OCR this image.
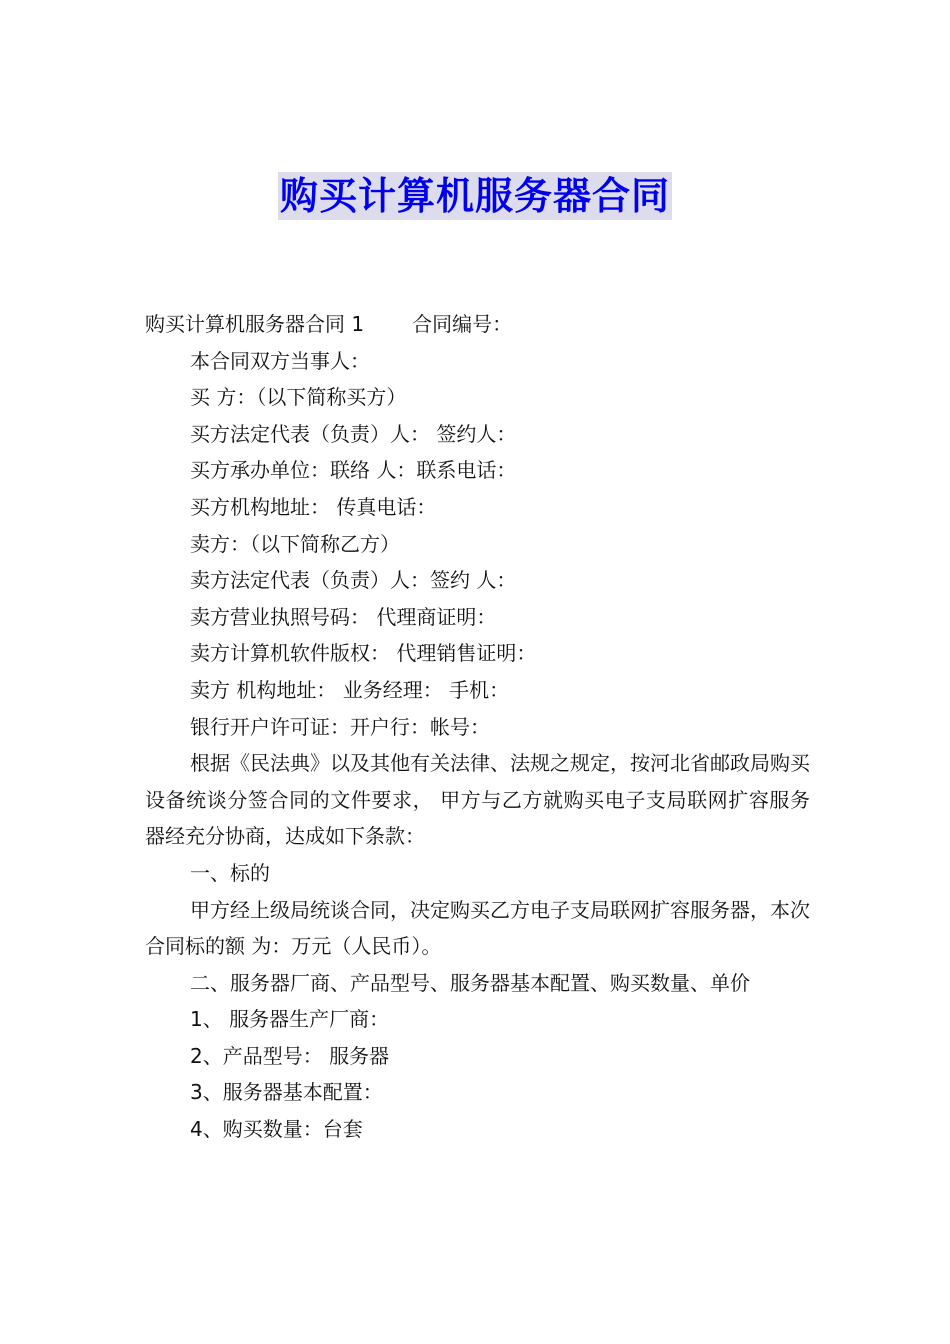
购买计算机服务器合同

购买计算机服务器合同 1 合同编号：

本合同双方当事人：

买 方：（以下简称买方）

买方法定代表（负责）人： 签约人：

买方承办单位：联络 人：联系电话：

买方机构地址： 传真电话：

卖方：（以下简称乙方）

卖方法定代表（负责）人：签约 人：

卖方营业执照号码： 代理商证明：

卖方计算机软件版权： 代理销售证明：

卖方 机构地址： 业务经理： 手机：

银行开户许可证：开户行：帐号：

根据《民法典》以及其他有关法律、法规之规定，按河北省邮政局购买设备统谈分签合同的文件要求， 甲方与乙方就购买电子支局联网扩容服务器经充分协商，达成如下条款：

一、标的

甲方经上级局统谈合同，决定购买乙方电子支局联网扩容服务器，本次合同标的额 为：万元（人民币）。

二、服务器厂商、产品型号、服务器基本配置、购买数量、单价

1、 服务器生产厂商：

2、产品型号： 服务器

3、服务器基本配置：

4、购买数量：台套
